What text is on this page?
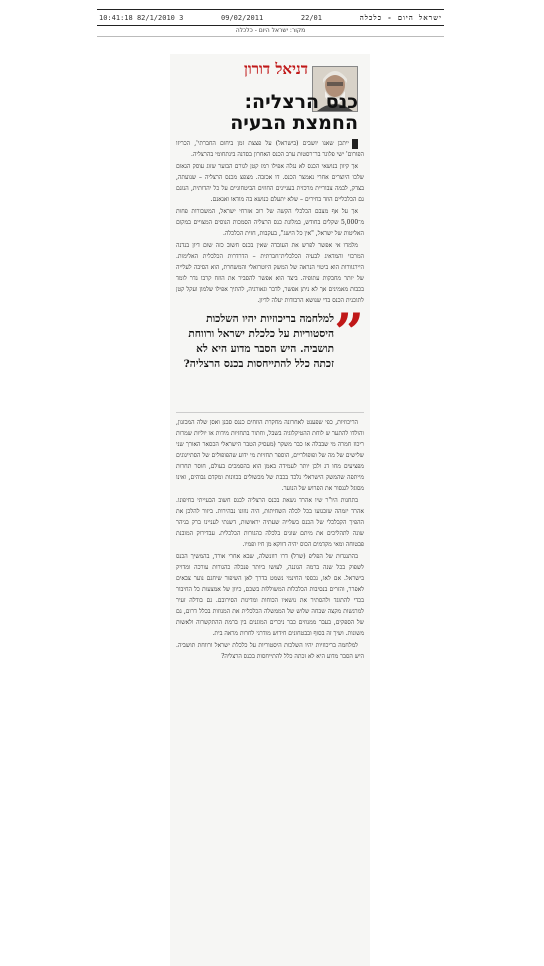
ישראל היום - כלכלה
22/01
09/02/2011
3 82/1/2010 10:41:18
מקור: ישראל היום - כלכלה
דניאל דורון
כנס הרצליה: החמצת הבעיה

ייתכן שאנו יושבים (בישראל) על פצצת זמן ביחום החברתי', הכריזו הפורום' ישי פלוגר בר־רסטות ערב הכנס האחרון בסדנה בינתחומי בהרצליה.

אך קיוון בנושאי הכנס לא נגלה אפילו רמז קטן לגורם הבוער שזוג עוסק הגאום שלכו היוצרים אחרי נאמצר הכנס. דו אכזבה. מצפצ מכנס הרצליה – שנועתה, בצדק, לבמה צבוריית מרכזית בעניינים החוזים הביטחוניים על כל יהדותית, הנוגם גם הכלכליים הוזד בחירים – שלא יתעלם כנושא בה מודאו ואגאנם.

אך על אף מצבם הכלכלי הקשה של רוב אזרחי ישראל, המשכורות פחות מ־5,000 שקלים בחודש, במלונת כנס הרצליה הסמכות הנוסים המצויים במקום האליטות של ישראל, "אין כל הישג", בעקבות, חזית הכלכלה.

מלמדו אי אפשר לפרש את העובדה שאין בכנס חשוב כזה שום דיון בנדנה המרכזי והמדאיג לבעיה הכלכלית־חברתית – הדרדרות הכלכלית האלימות. היירגוורות הוא ביטוי הנראה של המשק היוטרואלי והמשחרת, הוא הסיבה לעלייה של יותר מחבקות עתופיה. ביצד הוא אפשר להסביר את הוזח קרבו גדר לומד בכבות מאמינים אך לא ניתן אפשר, לדבר וגאורגיה, להתיך אפילו שלמון ועקל קטן לתוכנית הכנס בדי שנושא הרבודות יעלה לדיון.

”
למלחמה בריכוזיות יהיו השלכות היסטוריות על כלכלת ישראל ורווחת תושביה. היש הסבר מדוע היא לא זכתה כלל להתייחסות בכנס הרצליה?

הריכוזיות, כפי שפענט לאחרונה מחקרת הוזחים כנגס סבנן ואסן שלה המכזנון, והולדו להתער ש לוחת ההטיקלוגיה בשבל, וחתור בתחזיות מידות או יוליות שמרות ריכוז חמרה מי שבבלה או כבר משקר (מעסיק הטבר הישראלי הכסאר האורך שני שלישים של מה של ופופולריים, הוספר תחזיות מי ידוע שהפופולים של הסתייגוגים מפציעים מחו דג ולכן יותר לעמידה באמן הוא בהסמכים בעולם, חוסר תחרות מייתפה שהמשק הישראלי נלכד בכבת של מכשולים בכוונות ומקדם גבוהים, ואינו מסוגל לגנסור את הפרוש של הנוער.

בתחנות היו"ר שיו אהרד נשאת בכנס הרצליה לכנס חשוב הבעייתי בחיפונו. אהרד יזמהה שזכגועו בכל לכלה השחיתות, היה נוזונו נבהירות. ביזור להלכן את ההפיך הקבלכלי של הכנס בשלייה שעתיה יראושות, דשנתי לעניינו ברק בניהר שונה לתהליכים את מיתם שונים בלכלה כהגורות הכלכלית. עבדירוק המובנת פבטוחה ומאי מקדמים הכוס יהיה דווקא מן חיו ופמיו.

בהתנגדות של הפליפ (שרל) דרו רוזנשלה, שבא אחרי אורד, בהמשיך הכנס לשפוק בכל שנה ברמה הגוננה, לעושו ביותר פנכלה כהגורות עורכה ומדויק בישראל. אם לאו, נכספי החינמי נשמט בדרך לאן השיפור שיחגם נוער צבאים לאפרר, והזרים בנסיבות הכלכלות המשוללות בשכם, כיוון של אמצעות כל החיבור בכדי להתוגד ולהסתיר את נושאיו הכוחות ומדינות הסירובם. גם בודלה זעיר למרגשות מקצה שבחה שלוש של הממשלה הכלכלית את המנוזות בכלל דרום, גם של הספקים, בעבר ממנוזים כבר ניכרים המוגנים בין ברמת ההתקשרוה ולאשות משונות. ושיך זה בסוף ובבטחונים חידוש מודרני לחרות מראה בית.

למלחמה בריכוזיות יהיו השלכות היסטוריות על כלכלת ישראל ורווחת תושביה. היש הסבר מדוע היא לא זכתה כלל להתייחסות בכנס הרצליה?
